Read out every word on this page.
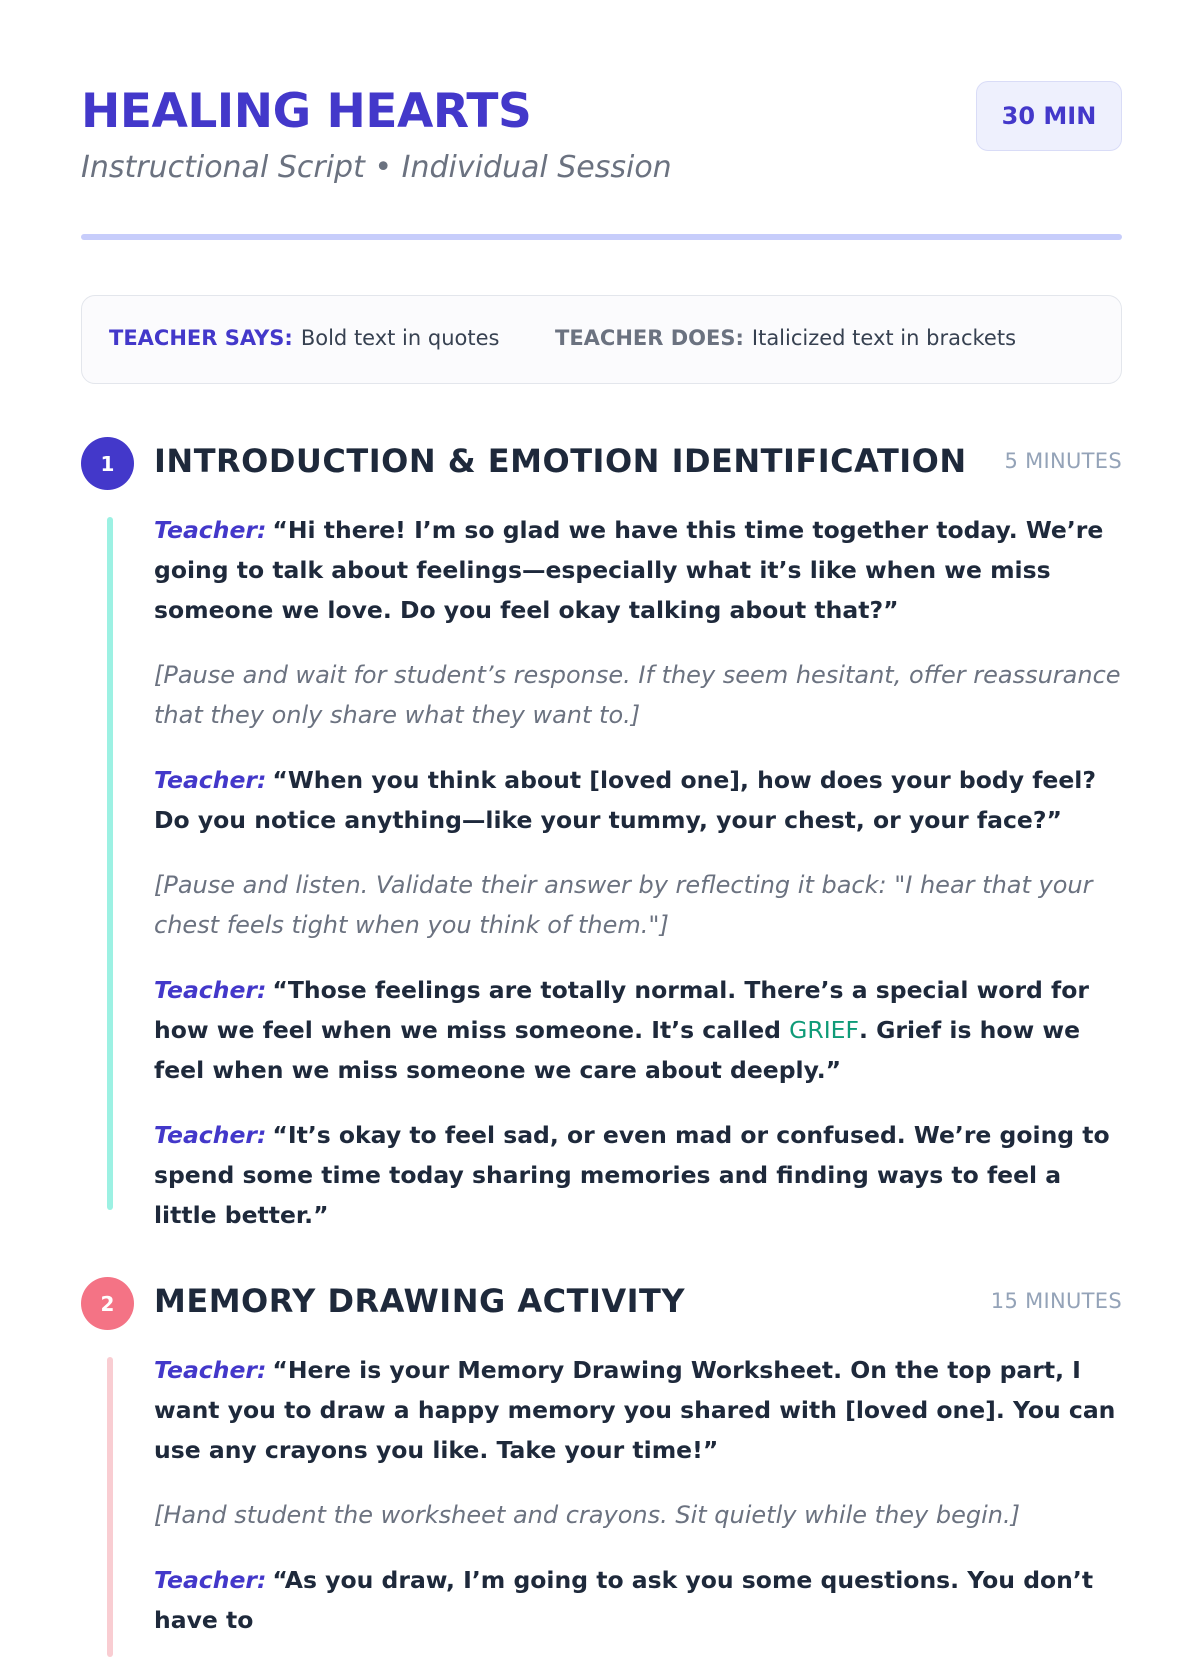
HEALING HEARTS
Instructional Script • Individual Session
30 MIN
TEACHER SAYS: Bold text in quotes	TEACHER DOES: Italicized text in brackets
1	INTRODUCTION & EMOTION IDENTIFICATION 5 MINUTES

Teacher: “Hi there! I’m so glad we have this time together today. We’re going to talk about feelings—especially what it’s like when we miss someone we love. Do you feel okay talking about that?”

[Pause and wait for student’s response. If they seem hesitant, offer reassurance that they only share what they want to.]

Teacher: “When you think about [loved one], how does your body feel? Do you notice anything—like your tummy, your chest, or your face?”

[Pause and listen. Validate their answer by reflecting it back: "I hear that your chest feels tight when you think of them."]

Teacher: “Those feelings are totally normal. There’s a special word for how we feel when we miss someone. It’s called GRIEF. Grief is how we feel when we miss someone we care about deeply.”

Teacher: “It’s okay to feel sad, or even mad or confused. We’re going to spend some time today sharing memories and finding ways to feel a little better.”

2	MEMORY DRAWING ACTIVITY	15 MINUTES

Teacher: “Here is your Memory Drawing Worksheet. On the top part, I want you to draw a happy memory you shared with [loved one]. You can use any crayons you like. Take your time!”

[Hand student the worksheet and crayons. Sit quietly while they begin.]

Teacher: “As you draw, I’m going to ask you some questions. You don’t have to
